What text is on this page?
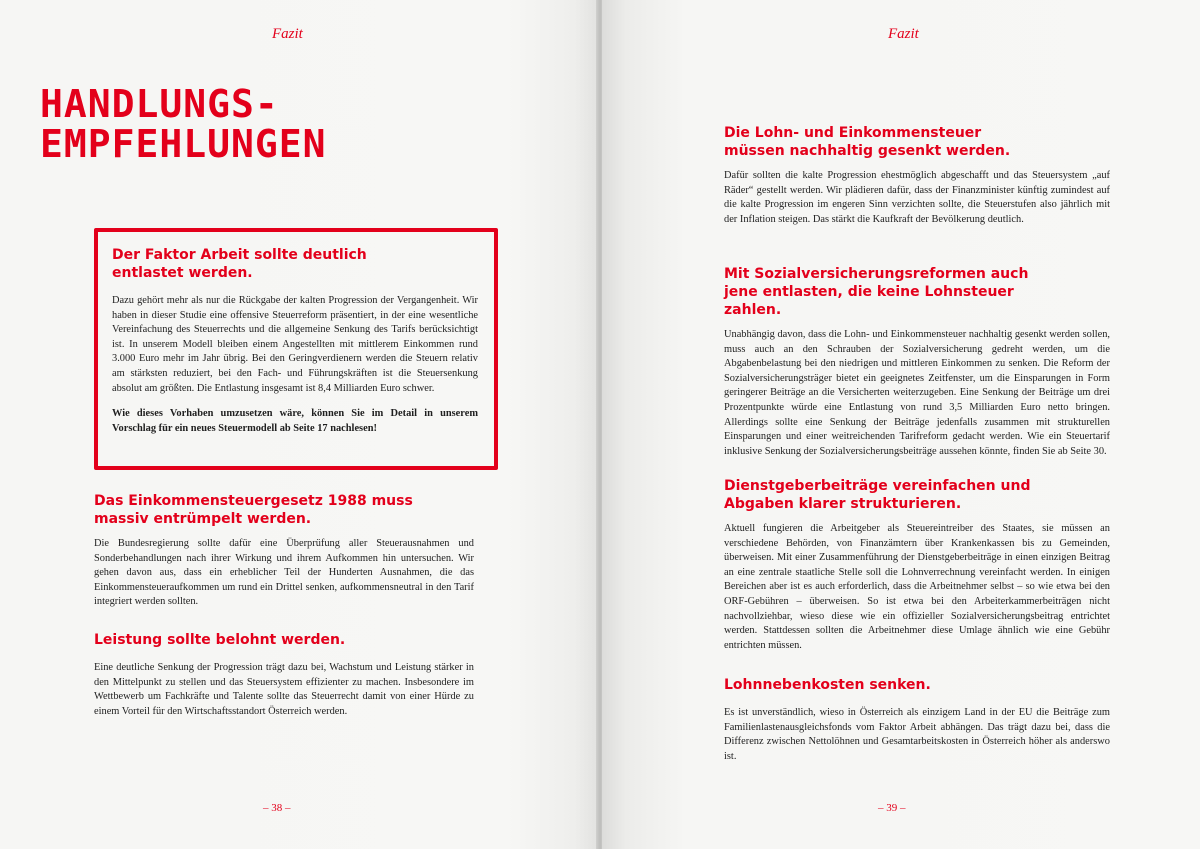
Fazit
HANDLUNGS-
EMPFEHLUNGEN
Der Faktor Arbeit sollte deutlich entlastet werden.

Dazu gehört mehr als nur die Rückgabe der kalten Progression der Vergangenheit. Wir haben in dieser Studie eine offensive Steuerreform präsentiert, in der eine wesentliche Vereinfachung des Steuerrechts und die allgemeine Senkung des Tarifs berücksichtigt ist. In unserem Modell bleiben einem Angestellten mit mittlerem Einkommen rund 3.000 Euro mehr im Jahr übrig. Bei den Geringverdienern werden die Steuern relativ am stärksten reduziert, bei den Fach- und Führungskräften ist die Steuersenkung absolut am größten. Die Entlastung insgesamt ist 8,4 Milliarden Euro schwer.

Wie dieses Vorhaben umzusetzen wäre, können Sie im Detail in unserem Vorschlag für ein neues Steuermodell ab Seite 17 nachlesen!

Das Einkommensteuergesetz 1988 muss massiv entrümpelt werden.

Die Bundesregierung sollte dafür eine Überprüfung aller Steuerausnahmen und Sonderbehandlungen nach ihrer Wirkung und ihrem Aufkommen hin untersuchen. Wir gehen davon aus, dass ein erheblicher Teil der Hunderten Ausnahmen, die das Einkommensteueraufkommen um rund ein Drittel senken, aufkommensneutral in den Tarif integriert werden sollten.

Leistung sollte belohnt werden.

Eine deutliche Senkung der Progression trägt dazu bei, Wachstum und Leistung stärker in den Mittelpunkt zu stellen und das Steuersystem effizienter zu machen. Insbesondere im Wettbewerb um Fachkräfte und Talente sollte das Steuerrecht damit von einer Hürde zu einem Vorteil für den Wirtschaftsstandort Österreich werden.

– 38 –
Fazit
Die Lohn- und Einkommensteuer müssen nachhaltig gesenkt werden.

Dafür sollten die kalte Progression ehestmöglich abgeschafft und das Steuersystem „auf Räder“ gestellt werden. Wir plädieren dafür, dass der Finanzminister künftig zumindest auf die kalte Progression im engeren Sinn verzichten sollte, die Steuerstufen also jährlich mit der Inflation steigen. Das stärkt die Kaufkraft der Bevölkerung deutlich.

Mit Sozialversicherungsreformen auch jene entlasten, die keine Lohnsteuer zahlen.

Unabhängig davon, dass die Lohn- und Einkommensteuer nachhaltig gesenkt werden sollen, muss auch an den Schrauben der Sozialversicherung gedreht werden, um die Abgabenbelastung bei den niedrigen und mittleren Einkommen zu senken. Die Reform der Sozialversicherungsträger bietet ein geeignetes Zeitfenster, um die Einsparungen in Form geringerer Beiträge an die Versicherten weiterzugeben. Eine Senkung der Beiträge um drei Prozentpunkte würde eine Entlastung von rund 3,5 Milliarden Euro netto bringen. Allerdings sollte eine Senkung der Beiträge jedenfalls zusammen mit strukturellen Einsparungen und einer weitreichenden Tarifreform gedacht werden. Wie ein Steuertarif inklusive Senkung der Sozialversicherungsbeiträge aussehen könnte, finden Sie ab Seite 30.

Dienstgeberbeiträge vereinfachen und Abgaben klarer strukturieren.

Aktuell fungieren die Arbeitgeber als Steuereintreiber des Staates, sie müssen an verschiedene Behörden, von Finanzämtern über Krankenkassen bis zu Gemeinden, überweisen. Mit einer Zusammenführung der Dienstgeberbeiträge in einen einzigen Beitrag an eine zentrale staatliche Stelle soll die Lohnverrechnung vereinfacht werden. In einigen Bereichen aber ist es auch erforderlich, dass die Arbeitnehmer selbst – so wie etwa bei den ORF-Gebühren – überweisen. So ist etwa bei den Arbeiterkammerbeiträgen nicht nachvollziehbar, wieso diese wie ein offizieller Sozialversicherungsbeitrag entrichtet werden. Stattdessen sollten die Arbeitnehmer diese Umlage ähnlich wie eine Gebühr entrichten müssen.

Lohnnebenkosten senken.

Es ist unverständlich, wieso in Österreich als einzigem Land in der EU die Beiträge zum Familienlastenausgleichsfonds vom Faktor Arbeit abhängen. Das trägt dazu bei, dass die Differenz zwischen Nettolöhnen und Gesamtarbeitskosten in Österreich höher als anderswo ist.

– 39 –
